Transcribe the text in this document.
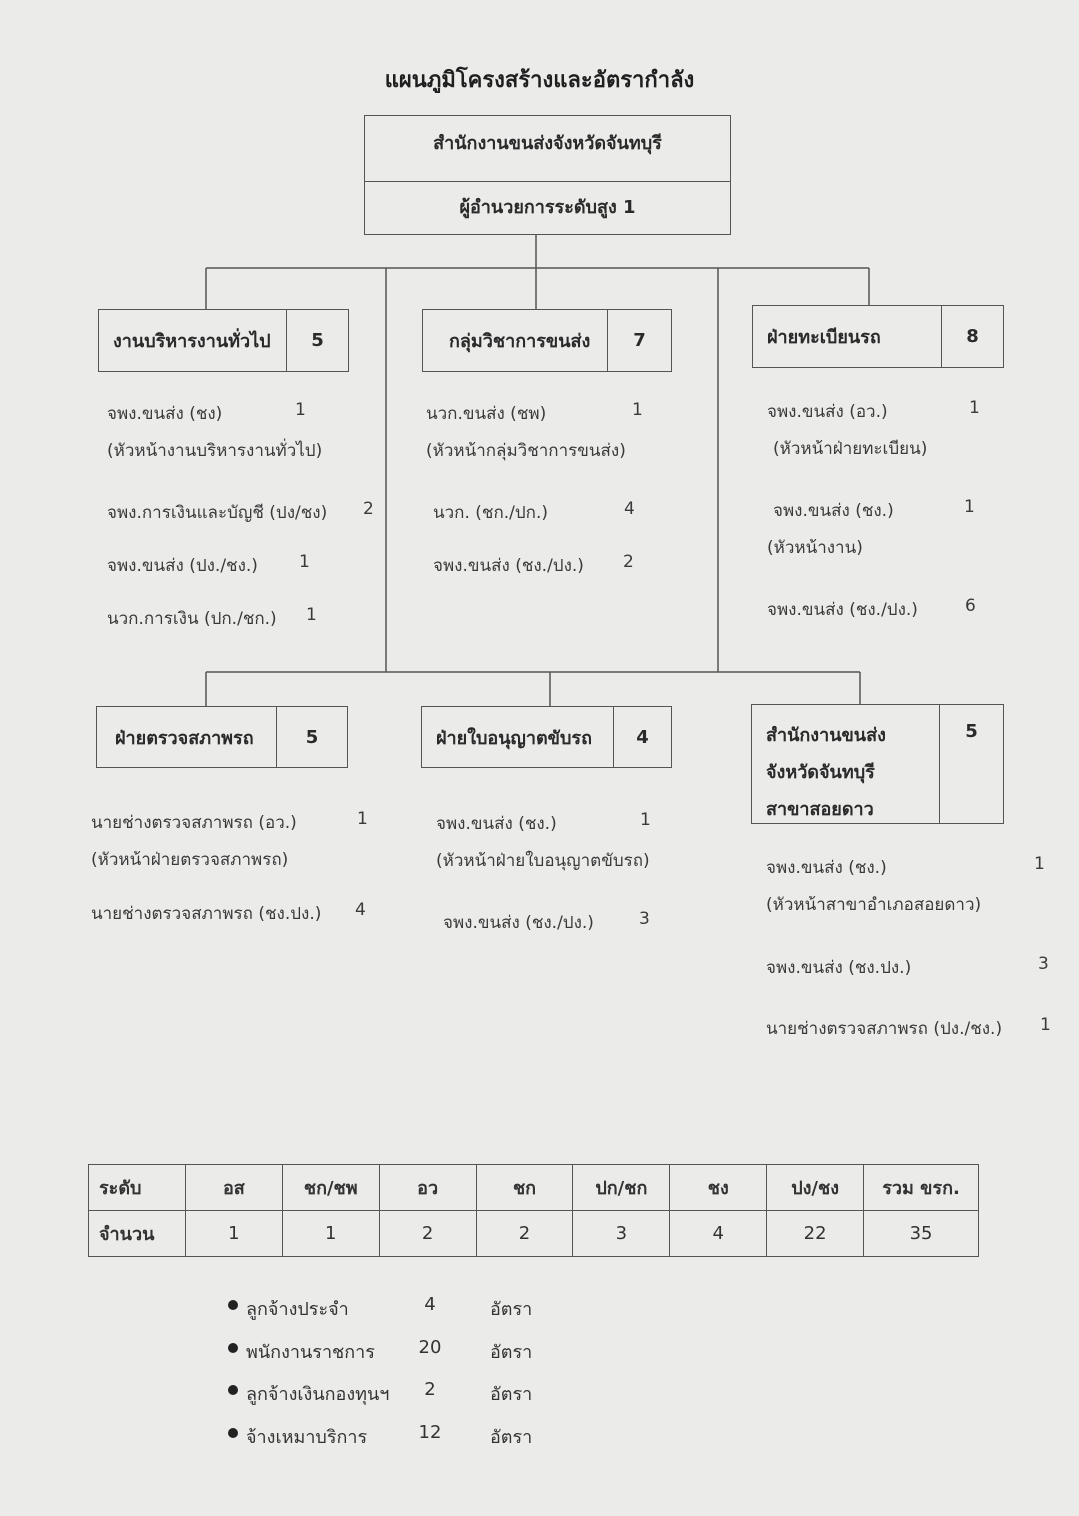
แผนภูมิโครงสร้างและอัตรากำลัง
สำนักงานขนส่งจังหวัดจันทบุรี
ผู้อำนวยการระดับสูง 1
งานบริหารงานทั่วไป	5	กลุ่มวิชาการขนส่ง	7	ฝ่ายทะเบียนรถ	8
จพง.ขนส่ง (ชง)	1
(หัวหน้างานบริหารงานทั่วไป)
จพง.การเงินและบัญชี (ปง/ชง) 2
จพง.ขนส่ง (ปง./ชง.) 1
นวก.การเงิน (ปก./ชก.) 1
นวก.ขนส่ง (ชพ)	1
(หัวหน้ากลุ่มวิชาการขนส่ง)
นวก. (ชก./ปก.)	4
จพง.ขนส่ง (ชง./ปง.) 2
จพง.ขนส่ง (อว.)	1
(หัวหน้าฝ่ายทะเบียน)
จพง.ขนส่ง (ชง.)	1
(หัวหน้างาน)
จพง.ขนส่ง (ชง./ปง.)	6
ฝ่ายตรวจสภาพรถ	5	ฝ่ายใบอนุญาตขับรถ	4	สำนักงานขนส่ง
จังหวัดจันทบุรี
สาขาสอยดาว
5
นายช่างตรวจสภาพรถ (อว.)	1
(หัวหน้าฝ่ายตรวจสภาพรถ)
นายช่างตรวจสภาพรถ (ชง.ปง.) 4
จพง.ขนส่ง (ชง.)	1
(หัวหน้าฝ่ายใบอนุญาตขับรถ)
จพง.ขนส่ง (ชง./ปง.)	3
จพง.ขนส่ง (ชง.)	1
(หัวหน้าสาขาอำเภอสอยดาว)
จพง.ขนส่ง (ชง.ปง.)	3
นายช่างตรวจสภาพรถ (ปง./ชง.) 1
ระดับ	อส	ชก/ชพ	อว	ชก	ปก/ชก	ชง	ปง/ชง	รวม ขรก.
จำนวน	1	1	2	2	3	4	22	35
ลูกจ้างประจำ	4	อัตรา
พนักงานราชการ 20	อัตรา
ลูกจ้างเงินกองทุนฯ	2	อัตรา
จ้างเหมาบริการ	12	อัตรา
